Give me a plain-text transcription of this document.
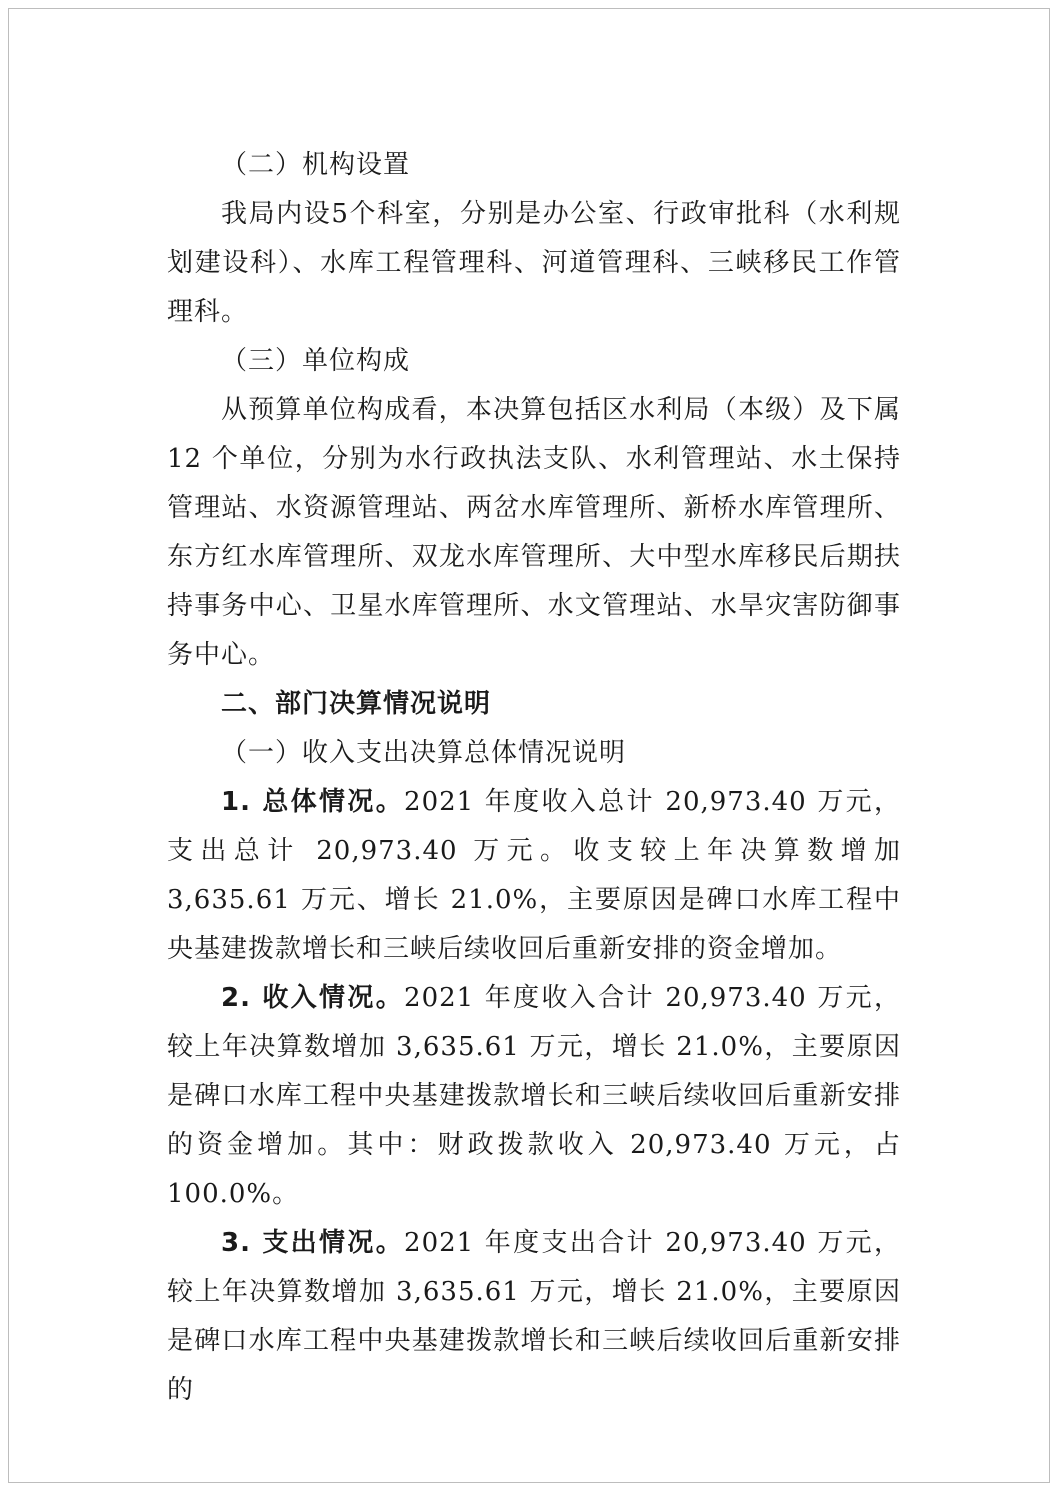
（二）机构设置

我局内设5个科室，分别是办公室、行政审批科（水利规划建设科）、水库工程管理科、河道管理科、三峡移民工作管理科。

（三）单位构成

从预算单位构成看，本决算包括区水利局（本级）及下属 12 个单位，分别为水行政执法支队、水利管理站、水土保持管理站、水资源管理站、两岔水库管理所、新桥水库管理所、东方红水库管理所、双龙水库管理所、大中型水库移民后期扶持事务中心、卫星水库管理所、水文管理站、水旱灾害防御事务中心。

二、部门决算情况说明

（一）收入支出决算总体情况说明

1. 总体情况。2021 年度收入总计 20,973.40 万元，支出总计 20,973.40 万元。收支较上年决算数增加 3,635.61 万元、增长 21.0%，主要原因是碑口水库工程中央基建拨款增长和三峡后续收回后重新安排的资金增加。

2. 收入情况。2021 年度收入合计 20,973.40 万元，较上年决算数增加 3,635.61 万元，增长 21.0%，主要原因是碑口水库工程中央基建拨款增长和三峡后续收回后重新安排的资金增加。其中：财政拨款收入 20,973.40 万元，占 100.0%。

3. 支出情况。2021 年度支出合计 20,973.40 万元，较上年决算数增加 3,635.61 万元，增长 21.0%，主要原因是碑口水库工程中央基建拨款增长和三峡后续收回后重新安排的
